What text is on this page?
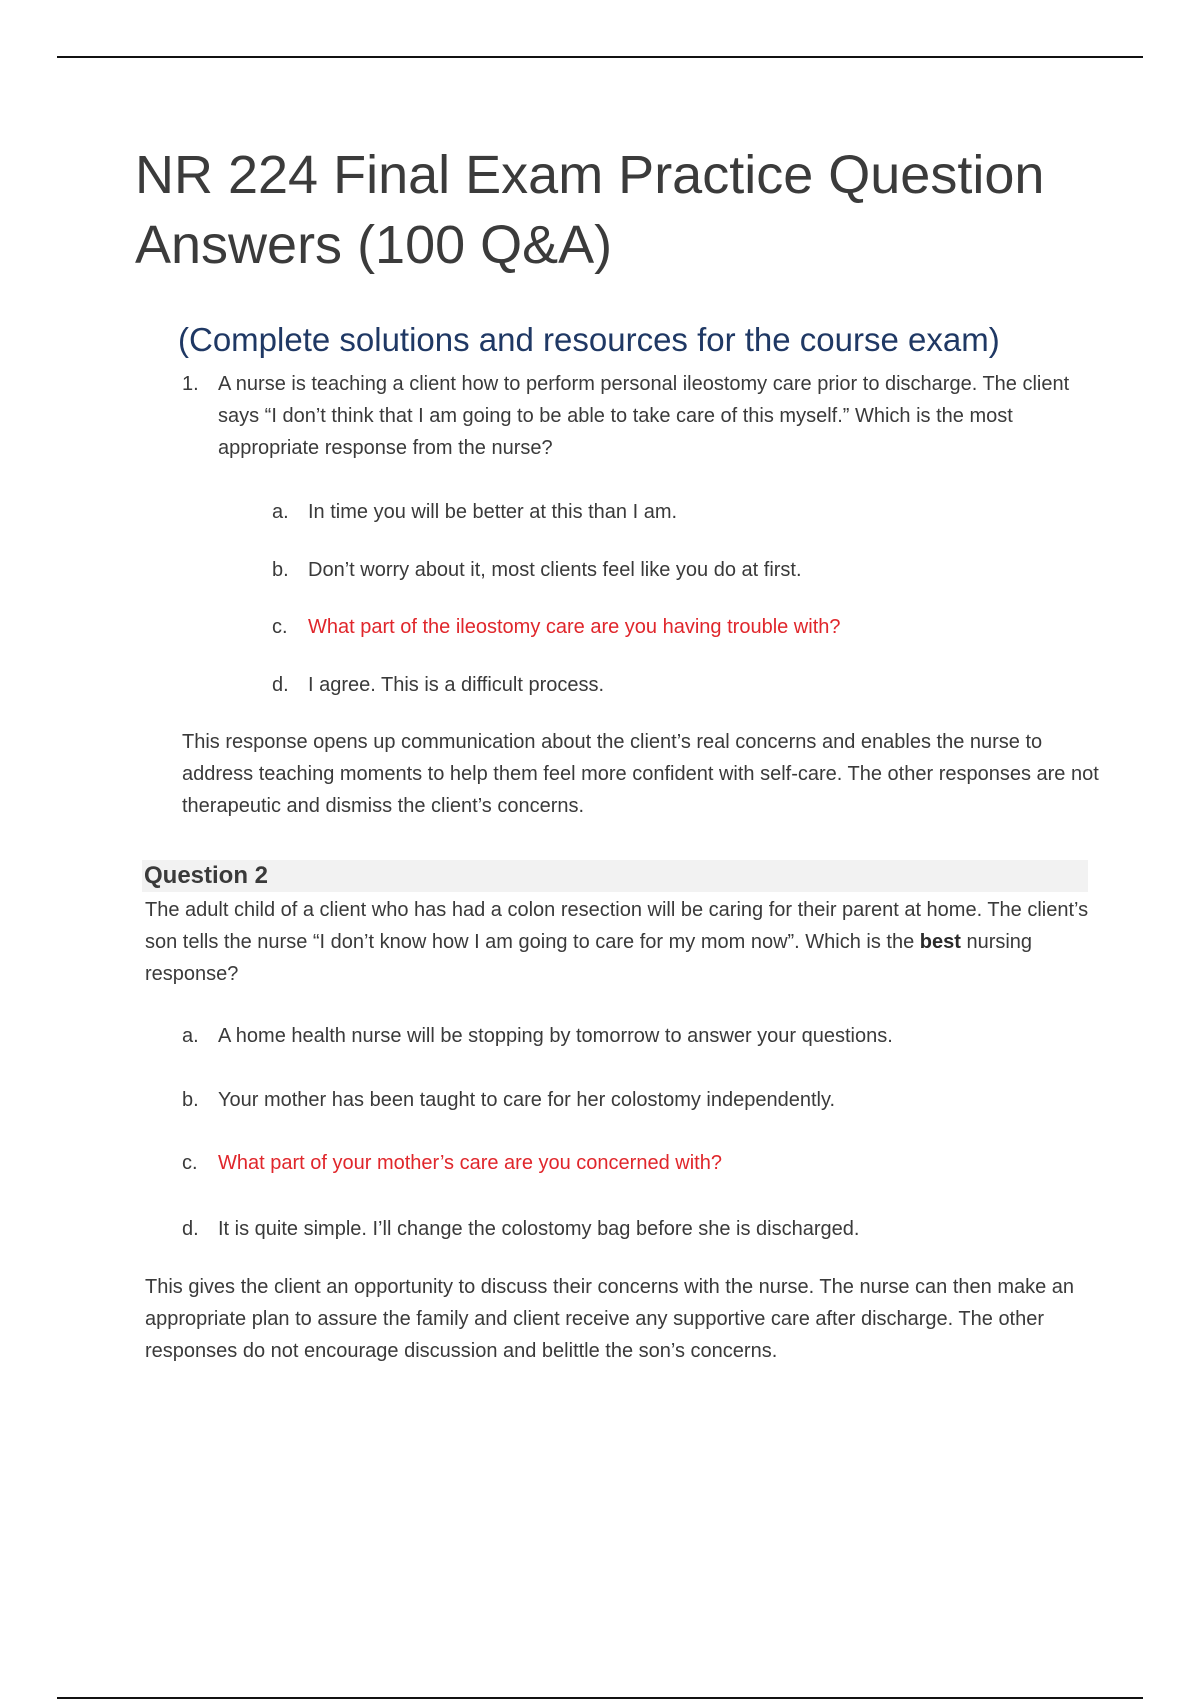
NR 224 Final Exam Practice Question Answers (100 Q&A)
(Complete solutions and resources for the course exam)
1. A nurse is teaching a client how to perform personal ileostomy care prior to discharge. The client says “I don’t think that I am going to be able to take care of this myself.” Which is the most appropriate response from the nurse?
a. In time you will be better at this than I am.
b. Don’t worry about it, most clients feel like you do at first.
c. What part of the ileostomy care are you having trouble with?
d. I agree. This is a difficult process.
This response opens up communication about the client’s real concerns and enables the nurse to address teaching moments to help them feel more confident with self-care. The other responses are not therapeutic and dismiss the client’s concerns.
Question 2
The adult child of a client who has had a colon resection will be caring for their parent at home. The client’s son tells the nurse “I don’t know how I am going to care for my mom now”. Which is the best nursing response?
a. A home health nurse will be stopping by tomorrow to answer your questions.
b. Your mother has been taught to care for her colostomy independently.
c. What part of your mother’s care are you concerned with?
d. It is quite simple. I’ll change the colostomy bag before she is discharged.
This gives the client an opportunity to discuss their concerns with the nurse. The nurse can then make an appropriate plan to assure the family and client receive any supportive care after discharge. The other responses do not encourage discussion and belittle the son’s concerns.
